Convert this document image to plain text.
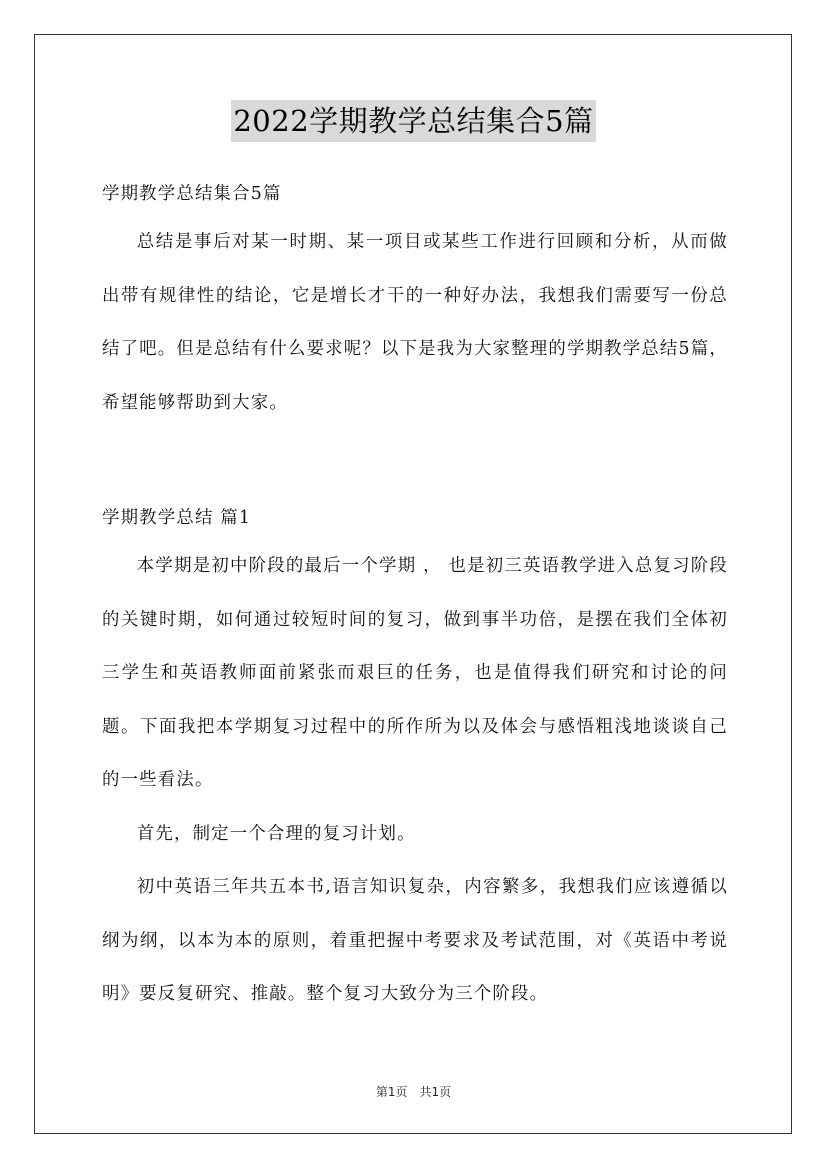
2022学期教学总结集合5篇

学期教学总结集合5篇

总结是事后对某一时期、某一项目或某些工作进行回顾和分析，从而做出带有规律性的结论，它是增长才干的一种好办法，我想我们需要写一份总结了吧。但是总结有什么要求呢？以下是我为大家整理的学期教学总结5篇，希望能够帮助到大家。

学期教学总结 篇1

本学期是初中阶段的最后一个学期 ， 也是初三英语教学进入总复习阶段的关键时期，如何通过较短时间的复习，做到事半功倍，是摆在我们全体初三学生和英语教师面前紧张而艰巨的任务，也是值得我们研究和讨论的问题。下面我把本学期复习过程中的所作所为以及体会与感悟粗浅地谈谈自己的一些看法。

首先，制定一个合理的复习计划。

初中英语三年共五本书,语言知识复杂，内容繁多，我想我们应该遵循以纲为纲，以本为本的原则，着重把握中考要求及考试范围，对《英语中考说明》要反复研究、推敲。整个复习大致分为三个阶段。

第1页　共1页
